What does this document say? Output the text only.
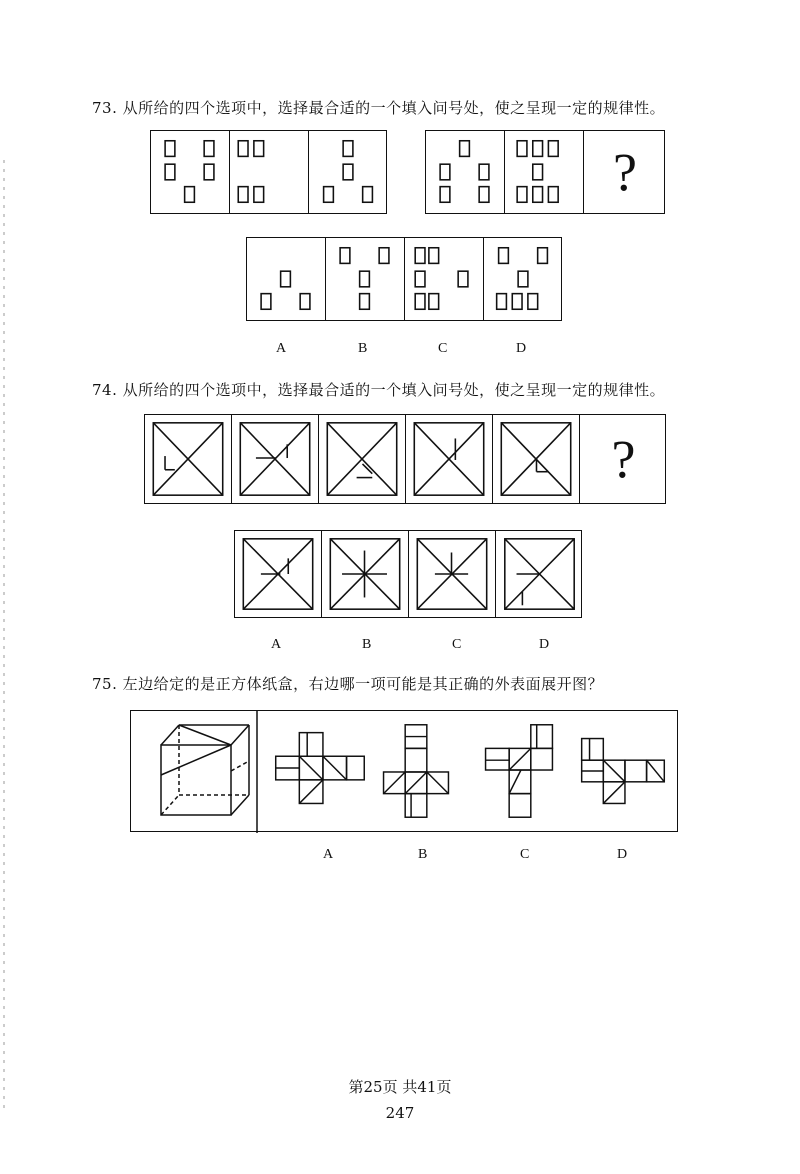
73. 从所给的四个选项中，选择最合适的一个填入问号处，使之呈现一定的规律性。
?
A	B	C	D
74. 从所给的四个选项中，选择最合适的一个填入问号处，使之呈现一定的规律性。
?
A	B	C	D
75. 左边给定的是正方体纸盒，右边哪一项可能是其正确的外表面展开图？
A	B	C	D
第25页 共41页
247
